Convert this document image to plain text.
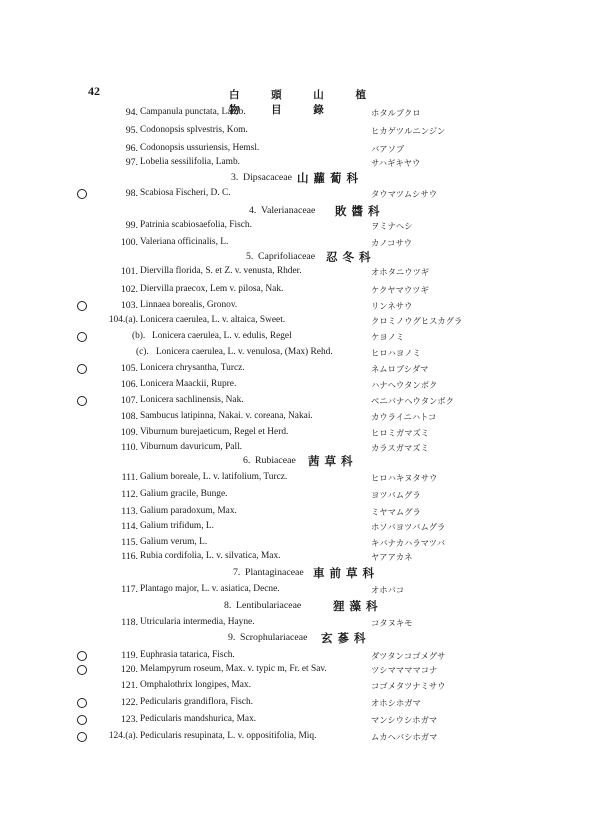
42	白 頭 山 植 物 目 錄
94. Campanula punctata, Lamb.	ホタルブクロ
95. Codonopsis splvestris, Kom.	ヒカゲツルニンジン
96. Codonopsis ussuriensis, Hemsl.	バアソブ
97. Lobelia sessilifolia, Lamb.	サハギキヤウ
3. Dipsacaceae 山蘿蔔科
98. Scabiosa Fischeri, D. C.	タウマツムシサウ
4. Valerianaceae 敗醬科
99. Patrinia scabiosaefolia, Fisch.	ヲミナヘシ
100. Valeriana officinalis, L.	カノコサウ
5. Caprifoliaceae 忍冬科
101. Diervilla florida, S. et Z. v. venusta, Rhder.	オホタニウツギ
102. Diervilla praecox, Lem v. pilosa, Nak.	ケクヤマウツギ
103. Linnaea borealis, Gronov.	リンネサウ
104.(a). Lonicera caerulea, L. v. altaica, Sweet.	クロミノウグヒスカグラ
(b). Lonicera caerulea, L. v. edulis, Regel	ケヨノミ
(c). Lonicera caerulea, L. v. venulosa, (Max) Rehd.	ヒロハヨノミ
105. Lonicera chrysantha, Turcz.	ネムロブシダマ
106. Lonicera Maackii, Rupre.	ハナヘウタンボク
107. Lonicera sachlinensis, Nak.	ベニバナヘウタンボク
108. Sambucus latipinna, Nakai. v. coreana, Nakai.	カウライニハトコ
109. Viburnum burejaeticum, Regel et Herd.	ヒロミガマズミ
110. Viburnum davuricum, Pall.	カラスガマズミ
6. Rubiaceae 茜草科
111. Galium boreale, L. v. latifolium, Turcz.	ヒロハキヌタサウ
112. Galium gracile, Bunge.	ヨツバムグラ
113. Galium paradoxum, Max.	ミヤマムグラ
114. Galium trifidum, L.	ホソバヨツバムグラ
115. Galium verum, L.	キバナカハラマツバ
116. Rubia cordifolia, L. v. silvatica, Max.	ヤアアカネ
7. Plantaginaceae 車前草科
117. Plantago major, L. v. asiatica, Decne.	オホバコ
8. Lentibulariaceae	狸藻科
118. Utricularia intermedia, Hayne.	コタヌキモ
9. Scrophulariaceae 玄蔘科
119. Euphrasia tatarica, Fisch.	ダツタンコゴメグサ
120. Melampyrum roseum, Max. v. typic m, Fr. et Sav.	ツシママママコナ
121. Omphalothrix longipes, Max.	コゴメタツナミサウ
122. Pedicularis grandiflora, Fisch.	オホシホガマ
123. Pedicularis mandshurica, Max.	マンシウシホガマ
124.(a). Pedicularis resupinata, L. v. oppositifolia, Miq.	ムカヘバシホガマ
